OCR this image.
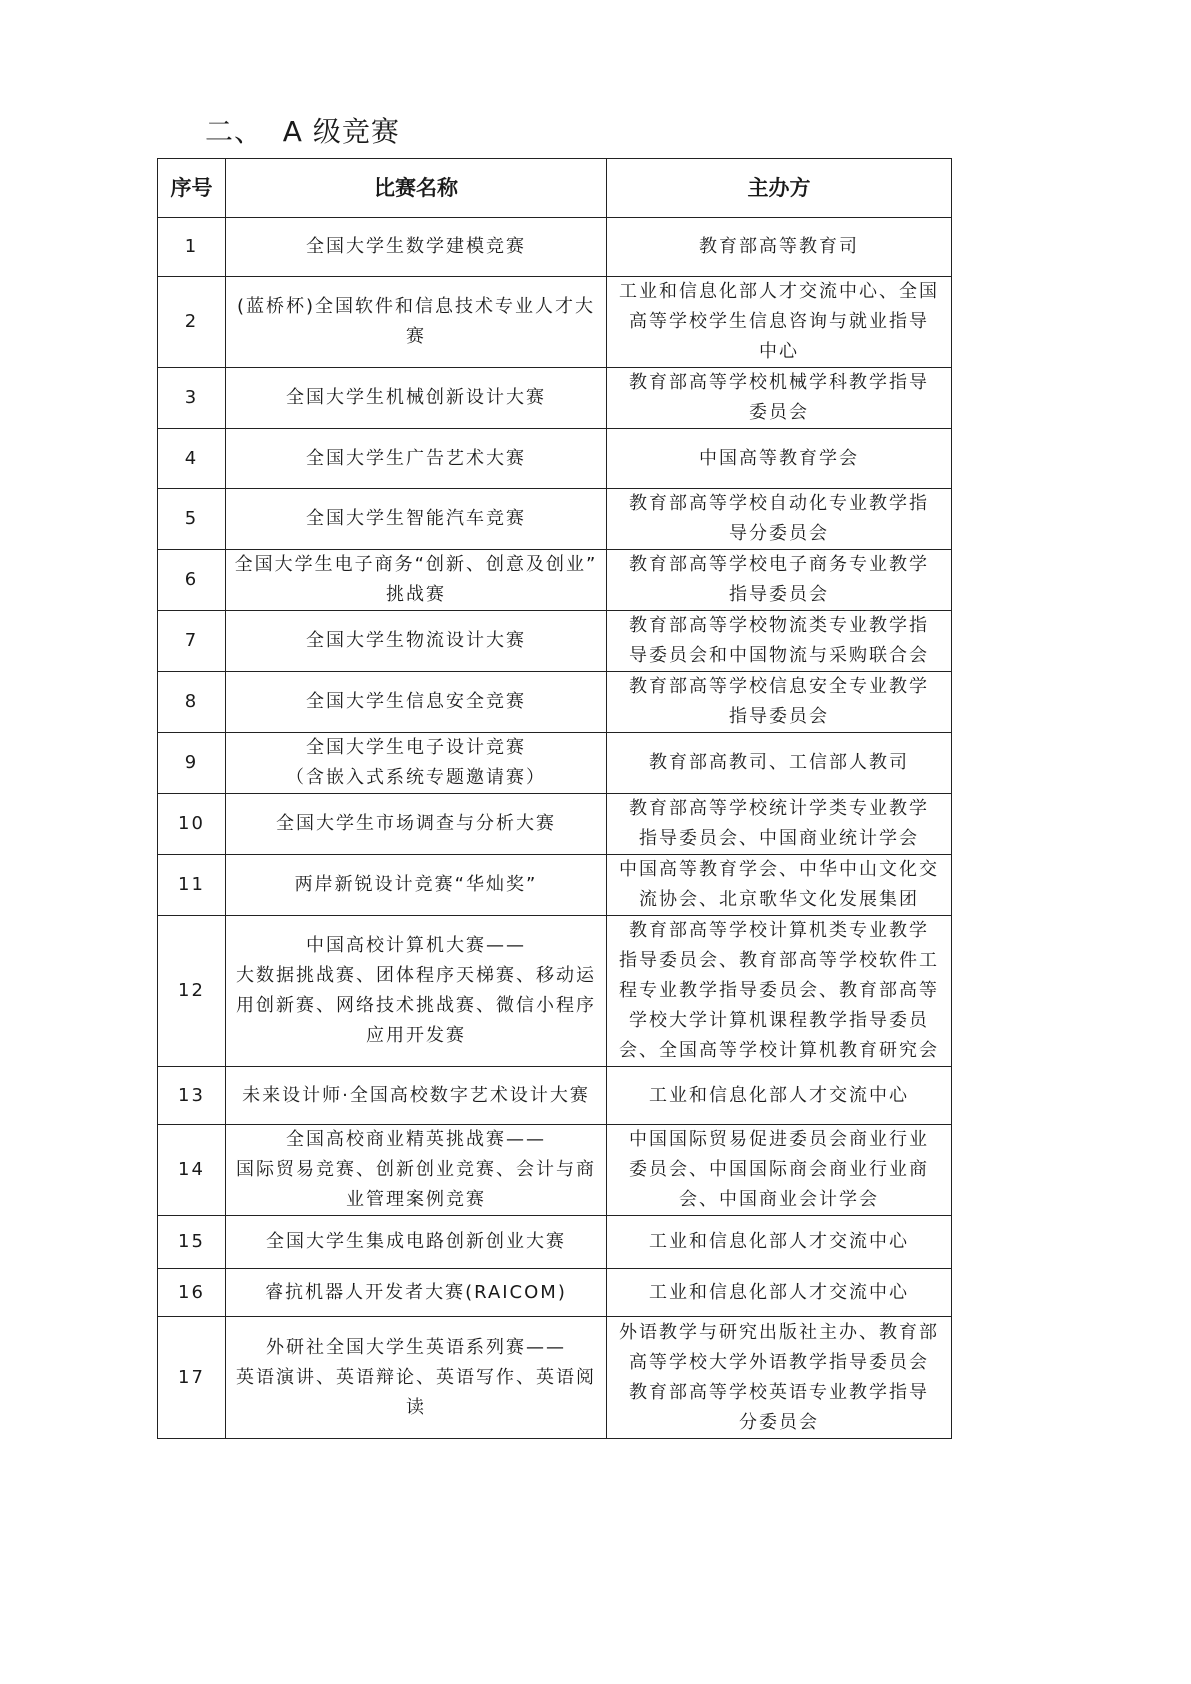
二、  A 级竞赛
序号	比赛名称	主办方
1	全国大学生数学建模竞赛	教育部高等教育司

2	(蓝桥杯)全国软件和信息技术专业人才大
赛	工业和信息化部人才交流中心、全国
高等学校学生信息咨询与就业指导
中心

3	全国大学生机械创新设计大赛	教育部高等学校机械学科教学指导
委员会

4	全国大学生广告艺术大赛	中国高等教育学会

5	全国大学生智能汽车竞赛	教育部高等学校自动化专业教学指
导分委员会

6	全国大学生电子商务“创新、创意及创业”
挑战赛	教育部高等学校电子商务专业教学
指导委员会

7	全国大学生物流设计大赛	教育部高等学校物流类专业教学指
导委员会和中国物流与采购联合会

8	全国大学生信息安全竞赛	教育部高等学校信息安全专业教学
指导委员会

9	全国大学生电子设计竞赛
（含嵌入式系统专题邀请赛）	教育部高教司、工信部人教司

10	全国大学生市场调查与分析大赛	教育部高等学校统计学类专业教学
指导委员会、中国商业统计学会

11	两岸新锐设计竞赛“华灿奖”	中国高等教育学会、中华中山文化交
流协会、北京歌华文化发展集团

12	中国高校计算机大赛——
大数据挑战赛、团体程序天梯赛、移动运
用创新赛、网络技术挑战赛、微信小程序
应用开发赛	教育部高等学校计算机类专业教学
指导委员会、教育部高等学校软件工
程专业教学指导委员会、教育部高等
学校大学计算机课程教学指导委员
会、全国高等学校计算机教育研究会

13	未来设计师·全国高校数字艺术设计大赛	工业和信息化部人才交流中心

14	全国高校商业精英挑战赛——
国际贸易竞赛、创新创业竞赛、会计与商
业管理案例竞赛	中国国际贸易促进委员会商业行业
委员会、中国国际商会商业行业商
会、中国商业会计学会

15	全国大学生集成电路创新创业大赛	工业和信息化部人才交流中心

16	睿抗机器人开发者大赛(RAICOM)	工业和信息化部人才交流中心

17	外研社全国大学生英语系列赛——
英语演讲、英语辩论、英语写作、英语阅
读	外语教学与研究出版社主办、教育部
高等学校大学外语教学指导委员会
教育部高等学校英语专业教学指导
分委员会
